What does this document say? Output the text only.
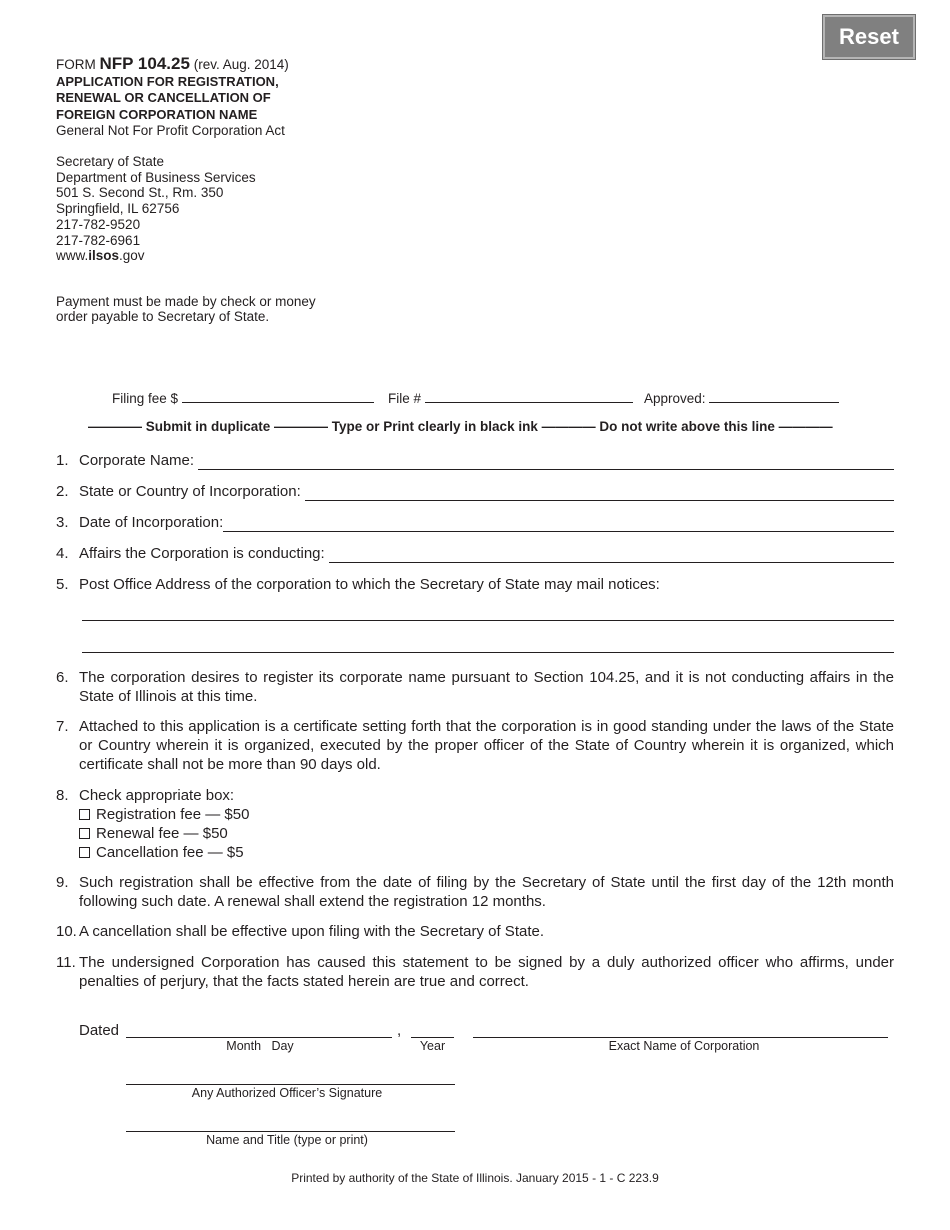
Reset
FORM NFP 104.25 (rev. Aug. 2014)
APPLICATION FOR REGISTRATION,
RENEWAL OR CANCELLATION OF
FOREIGN CORPORATION NAME
General Not For Profit Corporation Act
Secretary of State
Department of Business Services
501 S. Second St., Rm. 350
Springfield, IL 62756
217-782-9520
217-782-6961
www.ilsos.gov
Payment must be made by check or money
order payable to Secretary of State.
Filing fee $	File #	Approved:
———— Submit in duplicate ———— Type or Print clearly in black ink ———— Do not write above this line ————
1. Corporate Name:
2. State or Country of Incorporation:
3. Date of Incorporation:
4. Affairs the Corporation is conducting:
5. Post Office Address of the corporation to which the Secretary of State may mail notices:
6. The corporation desires to register its corporate name pursuant to Section 104.25, and it is not conducting affairs in the State of Illinois at this time.
7. Attached to this application is a certificate setting forth that the corporation is in good standing under the laws of the State or Country wherein it is organized, executed by the proper officer of the State of Country wherein it is organized, which certificate shall not be more than 90 days old.
8. Check appropriate box:
Registration fee — $50
Renewal fee — $50
Cancellation fee — $5
9. Such registration shall be effective from the date of filing by the Secretary of State until the first day of the 12th month following such date. A renewal shall extend the registration 12 months.
10. A cancellation shall be effective upon filing with the Secretary of State.
11. The undersigned Corporation has caused this statement to be signed by a duly authorized officer who affirms, under penalties of perjury, that the facts stated herein are true and correct.
Dated	,
Month   Day	Year	Exact Name of Corporation
Any Authorized Officer’s Signature
Name and Title (type or print)
Printed by authority of the State of Illinois. January 2015 - 1 - C 223.9
